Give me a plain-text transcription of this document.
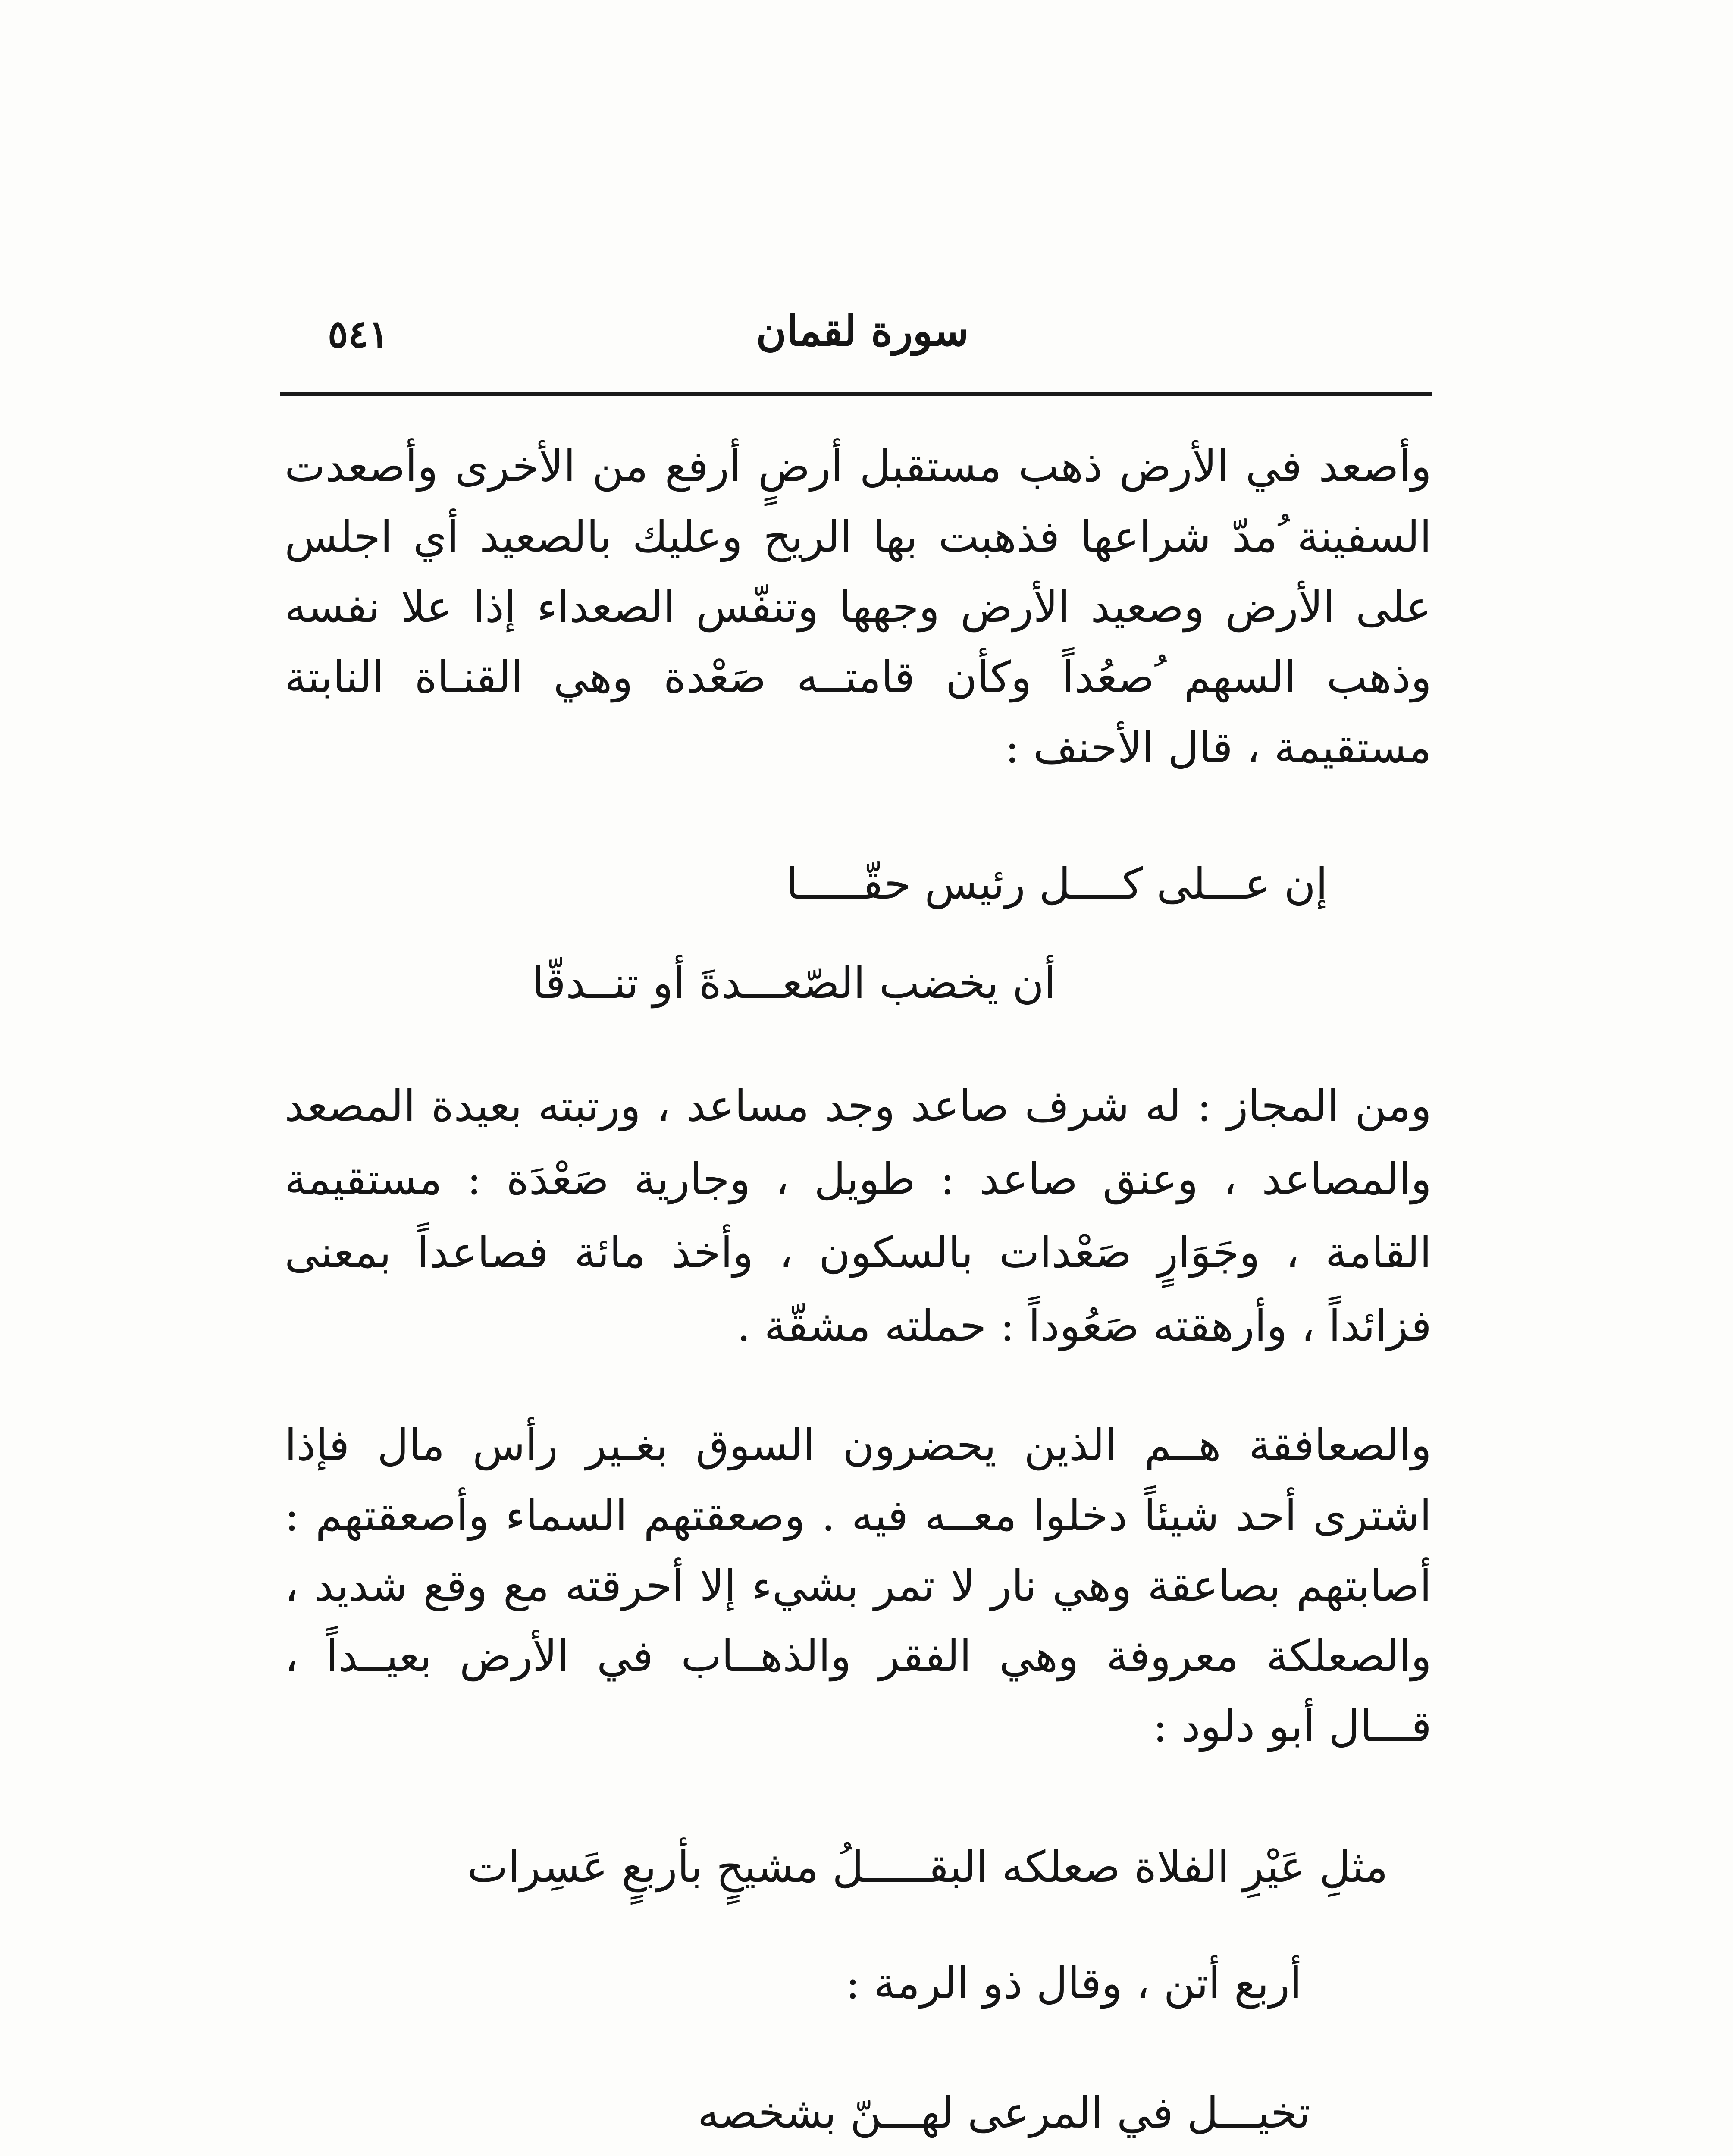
٥٤١	سورة لقمان

وأصعد في الأرض ذهب مستقبل أرضٍ أرفع من الأخرى وأصعدت السفينة ُمدّ شراعها فذهبت بها الريح وعليك بالصعيد أي اجلس على الأرض وصعيد الأرض وجهها وتنفّس الصعداء إذا علا نفسه وذهب السهم ُصعُداً وكأن قامتــه صَعْدة وهي القنـاة النابتة مستقيمة ، قال الأحنف :

إن عـــلى كــــل رئيس حقّـــــا
أن يخضب الصّعـــدةَ أو تنــدقّا

ومن المجاز : له شرف صاعد وجد مساعد ، ورتبته بعيدة المصعد والمصاعد ، وعنق صاعد : طويل ، وجارية صَعْدَة : مستقيمة القامة ، وجَوَارٍ صَعْدات بالسكون ، وأخذ مائة فصاعداً بمعنى فزائداً ، وأرهقته صَعُوداً : حملته مشقّة .

والصعافقة هــم الذين يحضرون السوق بغـير رأس مال فإذا اشترى أحد شيئاً دخلوا معــه فيه . وصعقتهم السماء وأصعقتهم : أصابتهم بصاعقة وهي نار لا تمر بشيء إلا أحرقته مع وقع شديد ، والصعلكة معروفة وهي الفقر والذهــاب في الأرض بعيــداً ، قـــال أبو دلود :

مثلِ عَيْرِ الفلاة صعلكه البقـــــلُ مشيحٍ بأربعٍ عَسِرات
أربع أتن ، وقال ذو الرمة :
تخيـــل في المرعى لهـــنّ بشخصه
